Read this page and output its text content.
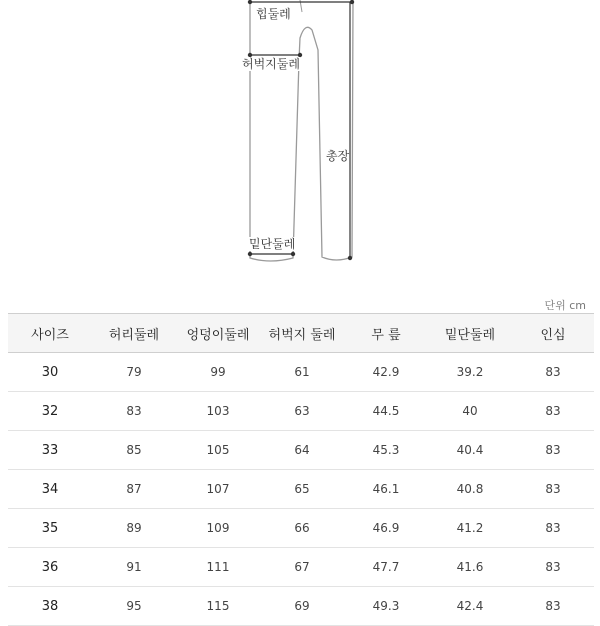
힙둘레
허벅지둘레
총장
밑단둘레
단위 cm
사이즈	허리둘레	엉덩이둘레	허벅지 둘레	무 릎	밑단둘레	인심
30	79	99	61	42.9	39.2	83
32	83	103	63	44.5	40	83
33	85	105	64	45.3	40.4	83
34	87	107	65	46.1	40.8	83
35	89	109	66	46.9	41.2	83
36	91	111	67	47.7	41.6	83
38	95	115	69	49.3	42.4	83
